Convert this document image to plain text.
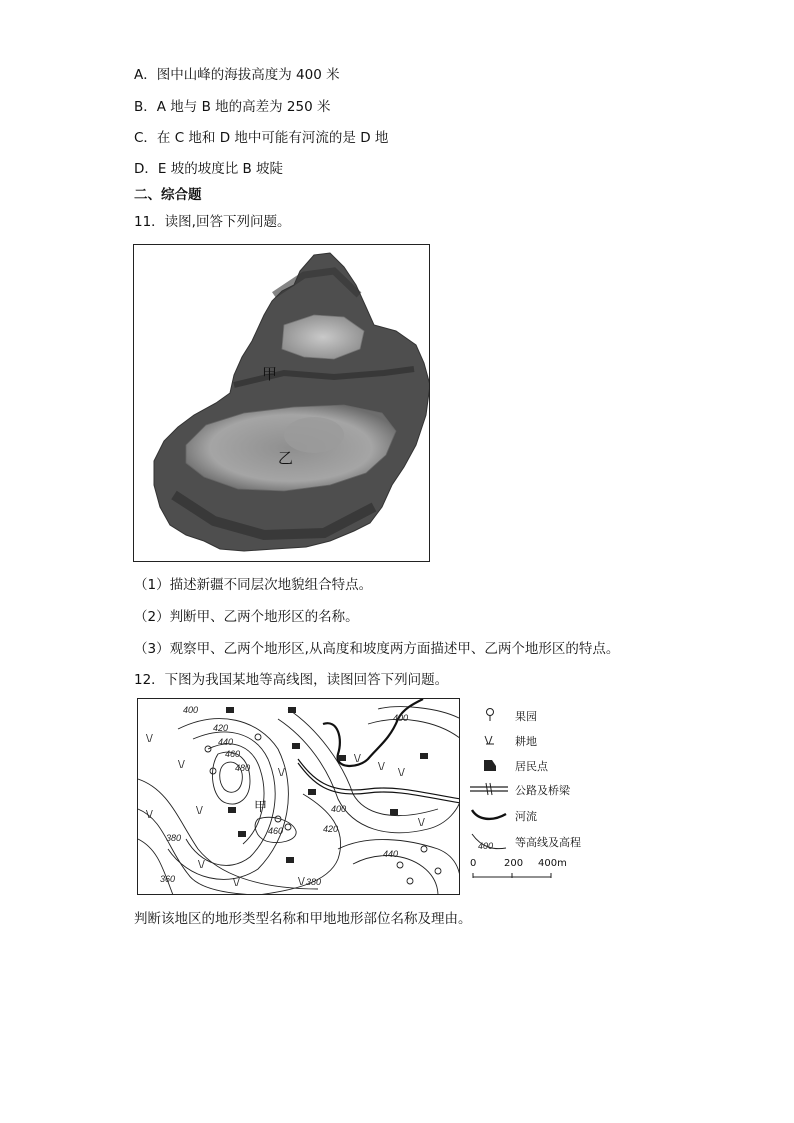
A．图中山峰的海拔高度为 400 米
B．A 地与 B 地的高差为 250 米
C．在 C 地和 D 地中可能有河流的是 D 地
D．E 坡的坡度比 B 坡陡
二、综合题
11．读图,回答下列问题。
甲
乙
（1）描述新疆不同层次地貌组合特点。
（2）判断甲、乙两个地形区的名称。
（3）观察甲、乙两个地形区,从高度和坡度两方面描述甲、乙两个地形区的特点。
12．下图为我国某地等高线图，读图回答下列问题。
400
420
440
460
480
460
400
420
440
380
360	380
400
甲
\/
\/
\/	\/
\/
\/
\/
\/
\/	\/
\/
\/
果园
耕地
居民点
公路及桥梁
河流
400 等高线及高程
0	200 400m
判断该地区的地形类型名称和甲地地形部位名称及理由。
